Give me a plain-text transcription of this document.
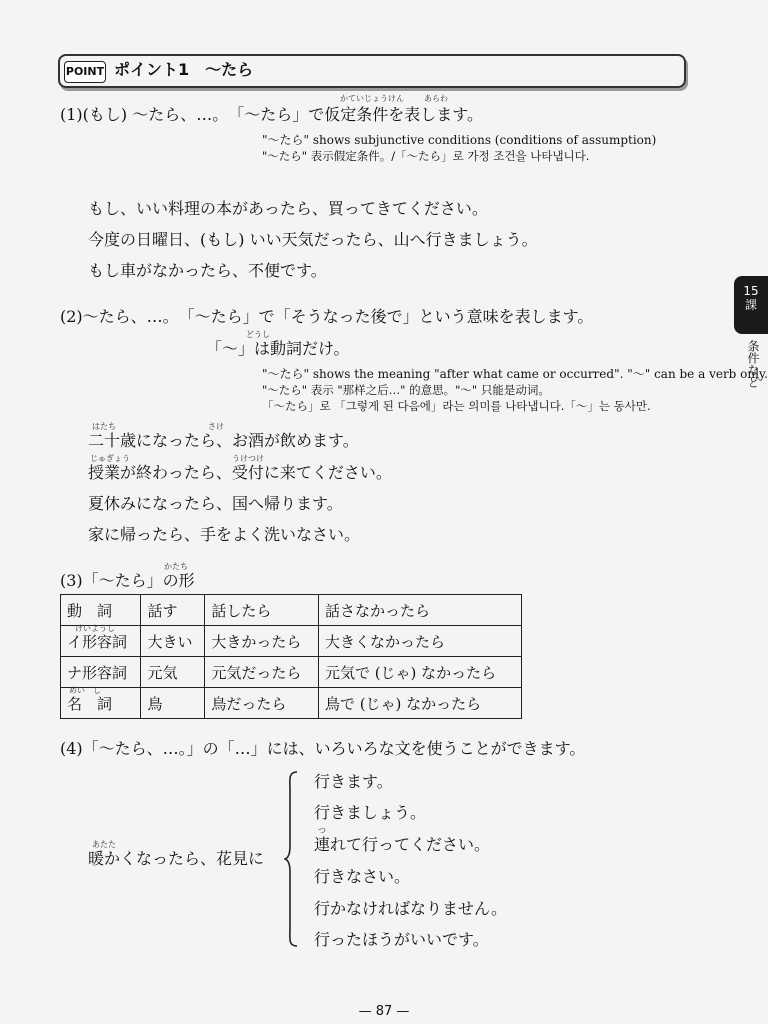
POINT ポイント1　～たら
かていじょうけん	あらわ
(1)(もし) ～たら、…。　「～たら」で仮定条件を表します。
"～たら" shows subjunctive conditions (conditions of assumption)
"～たら" 表示假定条件。/「～たら」로 가정 조건을 나타냅니다.
もし、いい料理の本があったら、買ってきてください。
今度の日曜日、(もし) いい天気だったら、山へ行きましょう。
もし車がなかったら、不便です。
(2)～たら、…。　「～たら」で「そうなった後で」という意味を表します。
どうし
「～」は動詞だけ。
"～たら" shows the meaning "after what came or occurred". "～" can be a verb only.
"～たら" 表示 "那样之后…" 的意思。"～" 只能是动词。
「～たら」로 「그렇게 된 다음에」라는 의미를 나타냅니다.「～」는 동사만.
はたち	さけ
二十歳になったら、お酒が飲めます。
じゅぎょう	うけつけ
授業が終わったら、受付に来てください。
夏休みになったら、国へ帰ります。
家に帰ったら、手をよく洗いなさい。
かたち
(3)「～たら」の形
動　詞	話す	話したら	話さなかったら

けいようし
イ形容詞	大きい	大きかったら	大きくなかったら
ナ形容詞	元気	元気だったら	元気で (じゃ) なかったら

めい　し
名　詞	鳥	鳥だったら	鳥で (じゃ) なかったら
(4)「～たら、…。」の「…」には、いろいろな文を使うことができます。
あたた
暖かくなったら、花見に
行きます。
行きましょう。
つ
連れて行ってください。
行きなさい。
行かなければなりません。
行ったほうがいいです。
15
課
条件など
— 87 —
